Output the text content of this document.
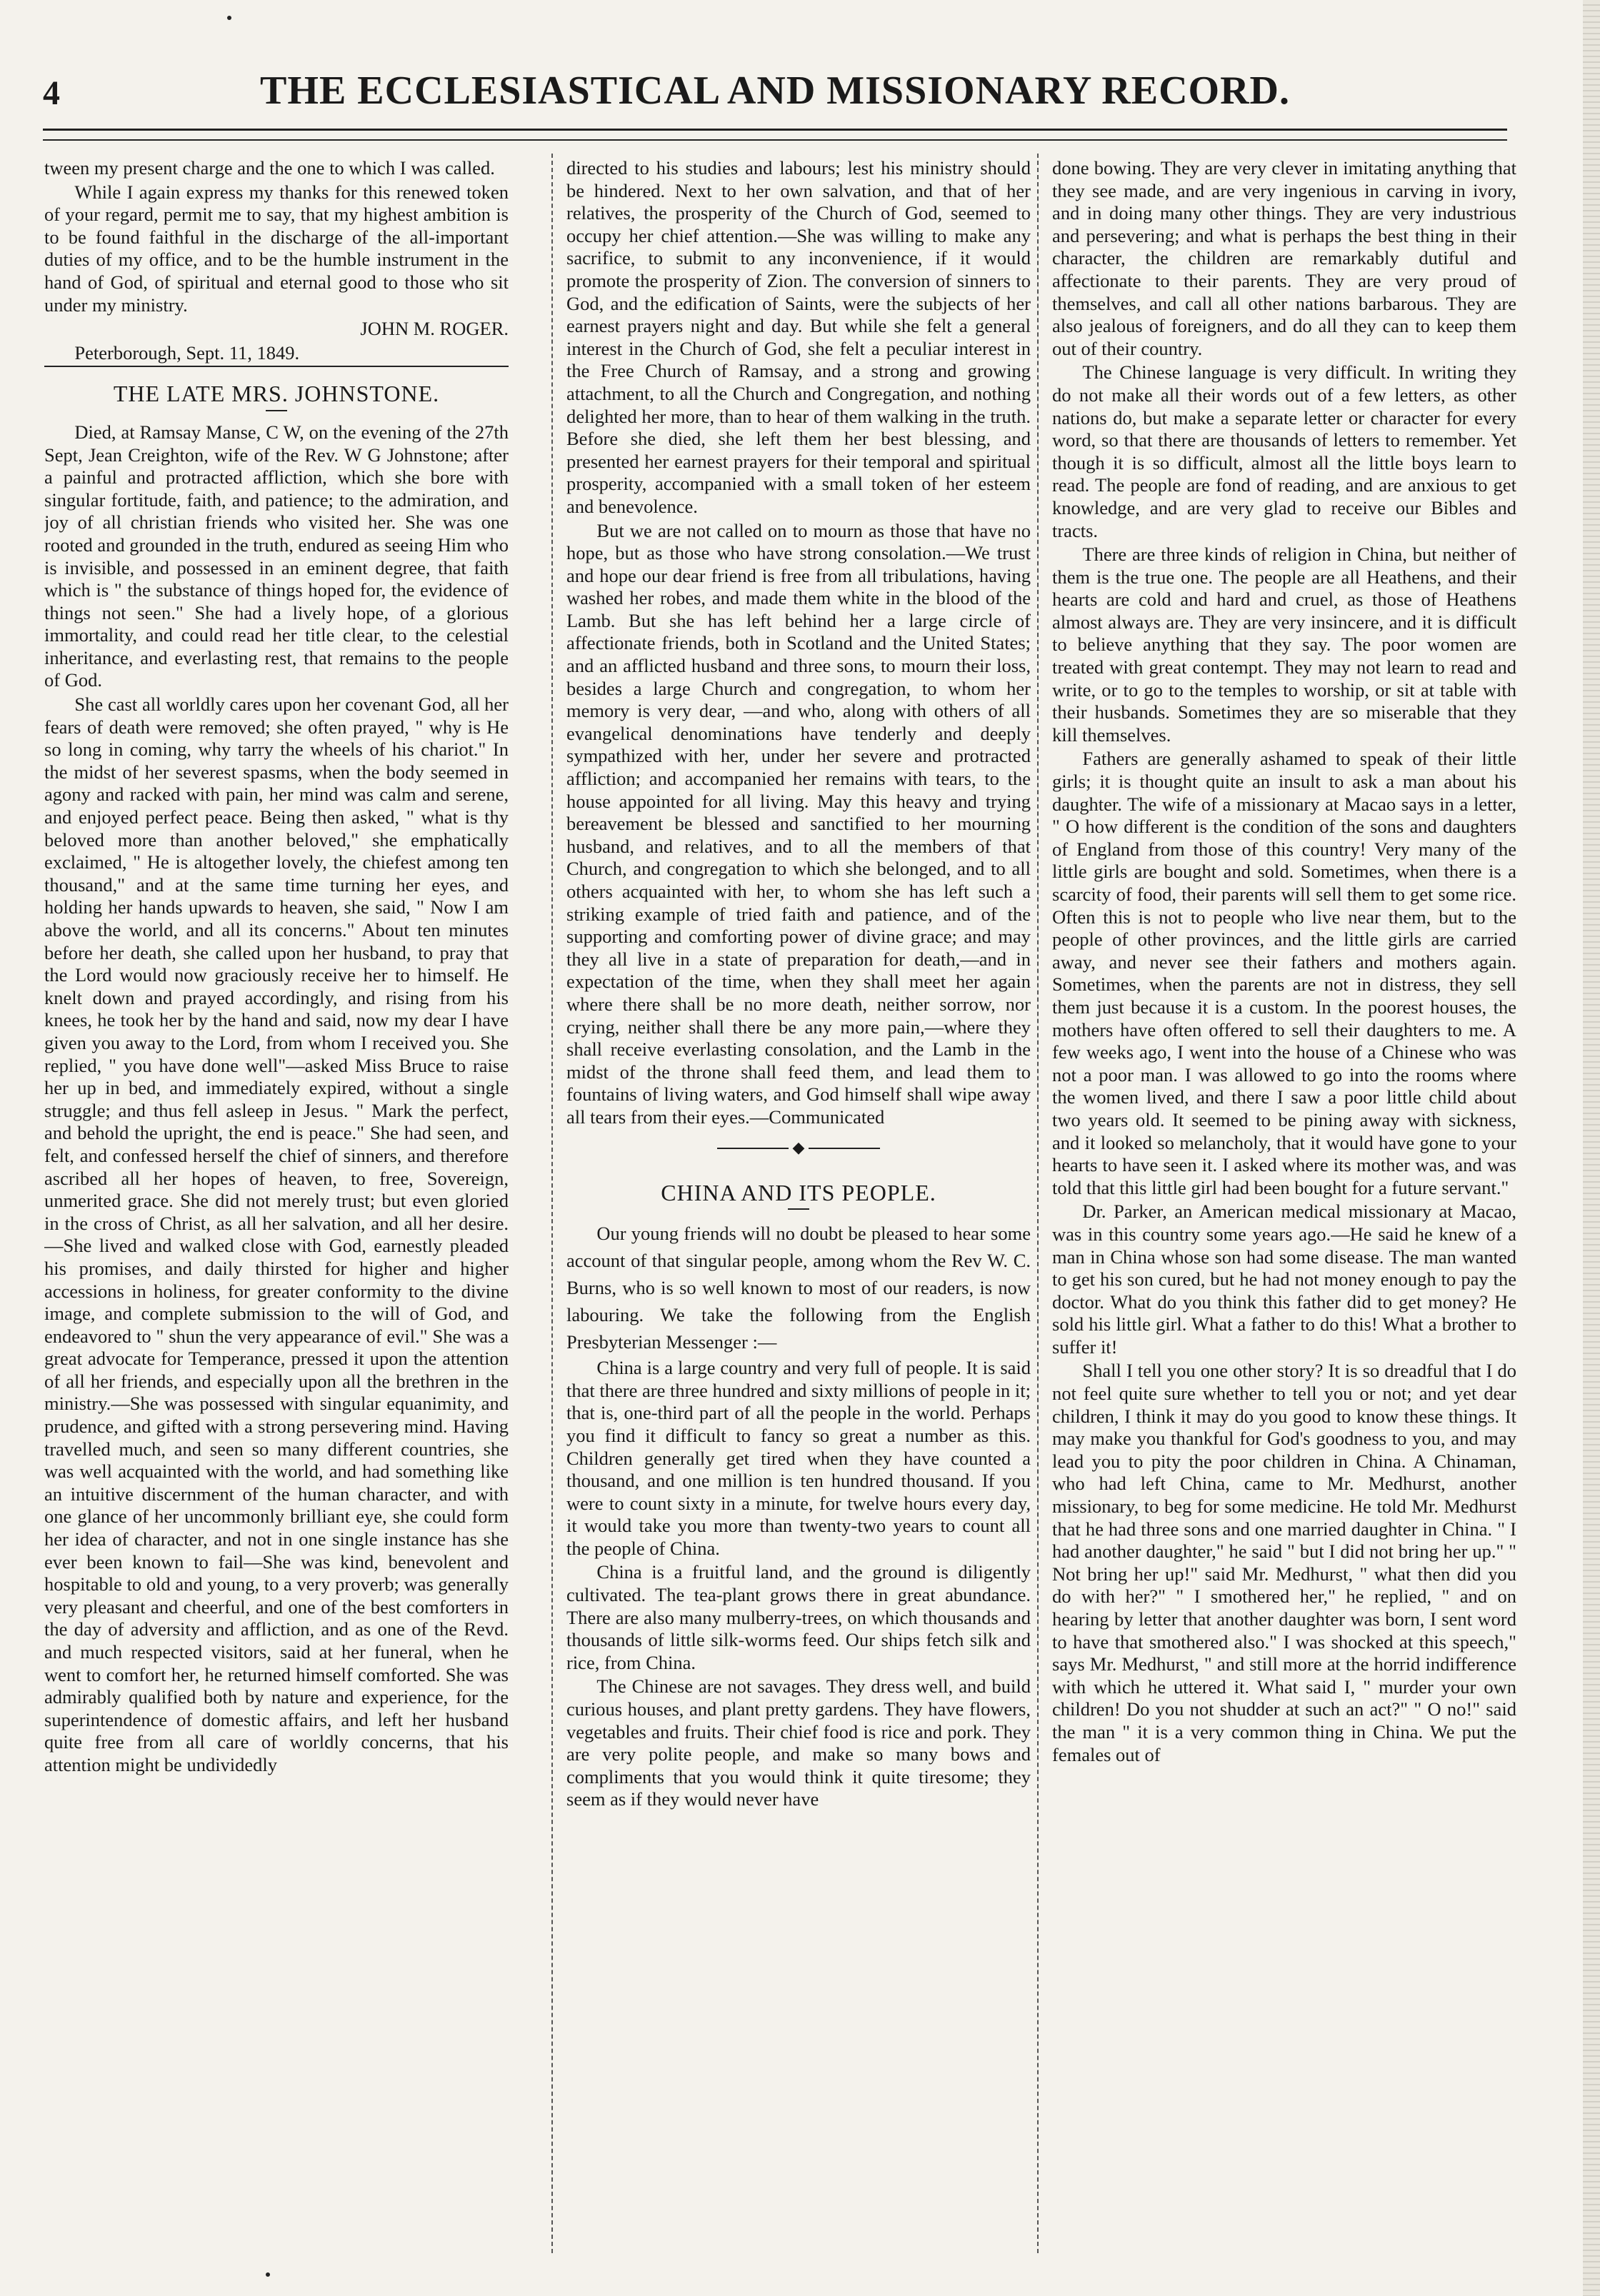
4	THE ECCLESIASTICAL AND MISSIONARY RECORD.

tween my present charge and the one to which I was called.

While I again express my thanks for this renewed token of your regard, permit me to say, that my highest ambition is to be found faithful in the discharge of the all-important duties of my office, and to be the humble instrument in the hand of God, of spiritual and eternal good to those who sit under my ministry.

JOHN M. ROGER.

Peterborough, Sept. 11, 1849.

THE LATE MRS. JOHNSTONE.

Died, at Ramsay Manse, C W, on the evening of the 27th Sept, Jean Creighton, wife of the Rev. W G Johnstone; after a painful and protracted affliction, which she bore with singular fortitude, faith, and patience; to the admiration, and joy of all christian friends who visited her. She was one rooted and grounded in the truth, endured as seeing Him who is invisible, and possessed in an eminent degree, that faith which is " the substance of things hoped for, the evidence of things not seen." She had a lively hope, of a glorious immortality, and could read her title clear, to the celestial inheritance, and everlasting rest, that remains to the people of God.

She cast all worldly cares upon her covenant God, all her fears of death were removed; she often prayed, " why is He so long in coming, why tarry the wheels of his chariot." In the midst of her severest spasms, when the body seemed in agony and racked with pain, her mind was calm and serene, and enjoyed perfect peace. Being then asked, " what is thy beloved more than another beloved," she emphatically exclaimed, " He is altogether lovely, the chiefest among ten thousand," and at the same time turning her eyes, and holding her hands upwards to heaven, she said, " Now I am above the world, and all its concerns." About ten minutes before her death, she called upon her husband, to pray that the Lord would now graciously receive her to himself. He knelt down and prayed accordingly, and rising from his knees, he took her by the hand and said, now my dear I have given you away to the Lord, from whom I received you. She replied, " you have done well"—asked Miss Bruce to raise her up in bed, and immediately expired, without a single struggle; and thus fell asleep in Jesus. " Mark the perfect, and behold the upright, the end is peace." She had seen, and felt, and confessed herself the chief of sinners, and therefore ascribed all her hopes of heaven, to free, Sovereign, unmerited grace. She did not merely trust; but even gloried in the cross of Christ, as all her salvation, and all her desire.—She lived and walked close with God, earnestly pleaded his promises, and daily thirsted for higher and higher accessions in holiness, for greater conformity to the divine image, and complete submission to the will of God, and endeavored to " shun the very appearance of evil." She was a great advocate for Temperance, pressed it upon the attention of all her friends, and especially upon all the brethren in the ministry.—She was possessed with singular equanimity, and prudence, and gifted with a strong persevering mind. Having travelled much, and seen so many different countries, she was well acquainted with the world, and had something like an intuitive discernment of the human character, and with one glance of her uncommonly brilliant eye, she could form her idea of character, and not in one single instance has she ever been known to fail—She was kind, benevolent and hospitable to old and young, to a very proverb; was generally very pleasant and cheerful, and one of the best comforters in the day of adversity and affliction, and as one of the Revd. and much respected visitors, said at her funeral, when he went to comfort her, he returned himself comforted. She was admirably qualified both by nature and experience, for the superintendence of domestic affairs, and left her husband quite free from all care of worldly concerns, that his attention might be undividedly

directed to his studies and labours; lest his ministry should be hindered. Next to her own salvation, and that of her relatives, the prosperity of the Church of God, seemed to occupy her chief attention.—She was willing to make any sacrifice, to submit to any inconvenience, if it would promote the prosperity of Zion. The conversion of sinners to God, and the edification of Saints, were the subjects of her earnest prayers night and day. But while she felt a general interest in the Church of God, she felt a peculiar interest in the Free Church of Ramsay, and a strong and growing attachment, to all the Church and Congregation, and nothing delighted her more, than to hear of them walking in the truth. Before she died, she left them her best blessing, and presented her earnest prayers for their temporal and spiritual prosperity, accompanied with a small token of her esteem and benevolence.

But we are not called on to mourn as those that have no hope, but as those who have strong consolation.—We trust and hope our dear friend is free from all tribulations, having washed her robes, and made them white in the blood of the Lamb. But she has left behind her a large circle of affectionate friends, both in Scotland and the United States; and an afflicted husband and three sons, to mourn their loss, besides a large Church and congregation, to whom her memory is very dear, —and who, along with others of all evangelical denominations have tenderly and deeply sympathized with her, under her severe and protracted affliction; and accompanied her remains with tears, to the house appointed for all living. May this heavy and trying bereavement be blessed and sanctified to her mourning husband, and relatives, and to all the members of that Church, and congregation to which she belonged, and to all others acquainted with her, to whom she has left such a striking example of tried faith and patience, and of the supporting and comforting power of divine grace; and may they all live in a state of preparation for death,—and in expectation of the time, when they shall meet her again where there shall be no more death, neither sorrow, nor crying, neither shall there be any more pain,—where they shall receive everlasting consolation, and the Lamb in the midst of the throne shall feed them, and lead them to fountains of living waters, and God himself shall wipe away all tears from their eyes.—Communicated

◆
CHINA AND ITS PEOPLE.

Our young friends will no doubt be pleased to hear some account of that singular people, among whom the Rev W. C. Burns, who is so well known to most of our readers, is now labouring. We take the following from the English Presbyterian Messenger :—

China is a large country and very full of people. It is said that there are three hundred and sixty millions of people in it; that is, one-third part of all the people in the world. Perhaps you find it difficult to fancy so great a number as this. Children generally get tired when they have counted a thousand, and one million is ten hundred thousand. If you were to count sixty in a minute, for twelve hours every day, it would take you more than twenty-two years to count all the people of China.

China is a fruitful land, and the ground is diligently cultivated. The tea-plant grows there in great abundance. There are also many mulberry-trees, on which thousands and thousands of little silk-worms feed. Our ships fetch silk and rice, from China.

The Chinese are not savages. They dress well, and build curious houses, and plant pretty gardens. They have flowers, vegetables and fruits. Their chief food is rice and pork. They are very polite people, and make so many bows and compliments that you would think it quite tiresome; they seem as if they would never have

done bowing. They are very clever in imitating anything that they see made, and are very ingenious in carving in ivory, and in doing many other things. They are very industrious and persevering; and what is perhaps the best thing in their character, the children are remarkably dutiful and affectionate to their parents. They are very proud of themselves, and call all other nations barbarous. They are also jealous of foreigners, and do all they can to keep them out of their country.

The Chinese language is very difficult. In writing they do not make all their words out of a few letters, as other nations do, but make a separate letter or character for every word, so that there are thousands of letters to remember. Yet though it is so difficult, almost all the little boys learn to read. The people are fond of reading, and are anxious to get knowledge, and are very glad to receive our Bibles and tracts.

There are three kinds of religion in China, but neither of them is the true one. The people are all Heathens, and their hearts are cold and hard and cruel, as those of Heathens almost always are. They are very insincere, and it is difficult to believe anything that they say. The poor women are treated with great contempt. They may not learn to read and write, or to go to the temples to worship, or sit at table with their husbands. Sometimes they are so miserable that they kill themselves.

Fathers are generally ashamed to speak of their little girls; it is thought quite an insult to ask a man about his daughter. The wife of a missionary at Macao says in a letter, " O how different is the condition of the sons and daughters of England from those of this country! Very many of the little girls are bought and sold. Sometimes, when there is a scarcity of food, their parents will sell them to get some rice. Often this is not to people who live near them, but to the people of other provinces, and the little girls are carried away, and never see their fathers and mothers again. Sometimes, when the parents are not in distress, they sell them just because it is a custom. In the poorest houses, the mothers have often offered to sell their daughters to me. A few weeks ago, I went into the house of a Chinese who was not a poor man. I was allowed to go into the rooms where the women lived, and there I saw a poor little child about two years old. It seemed to be pining away with sickness, and it looked so melancholy, that it would have gone to your hearts to have seen it. I asked where its mother was, and was told that this little girl had been bought for a future servant."

Dr. Parker, an American medical missionary at Macao, was in this country some years ago.—He said he knew of a man in China whose son had some disease. The man wanted to get his son cured, but he had not money enough to pay the doctor. What do you think this father did to get money? He sold his little girl. What a father to do this! What a brother to suffer it!

Shall I tell you one other story? It is so dreadful that I do not feel quite sure whether to tell you or not; and yet dear children, I think it may do you good to know these things. It may make you thankful for God's goodness to you, and may lead you to pity the poor children in China. A Chinaman, who had left China, came to Mr. Medhurst, another missionary, to beg for some medicine. He told Mr. Medhurst that he had three sons and one married daughter in China. " I had another daughter," he said " but I did not bring her up." " Not bring her up!" said Mr. Medhurst, " what then did you do with her?" " I smothered her," he replied, " and on hearing by letter that another daughter was born, I sent word to have that smothered also." I was shocked at this speech," says Mr. Medhurst, " and still more at the horrid indifference with which he uttered it. What said I, " murder your own children! Do you not shudder at such an act?" " O no!" said the man " it is a very common thing in China. We put the females out of
